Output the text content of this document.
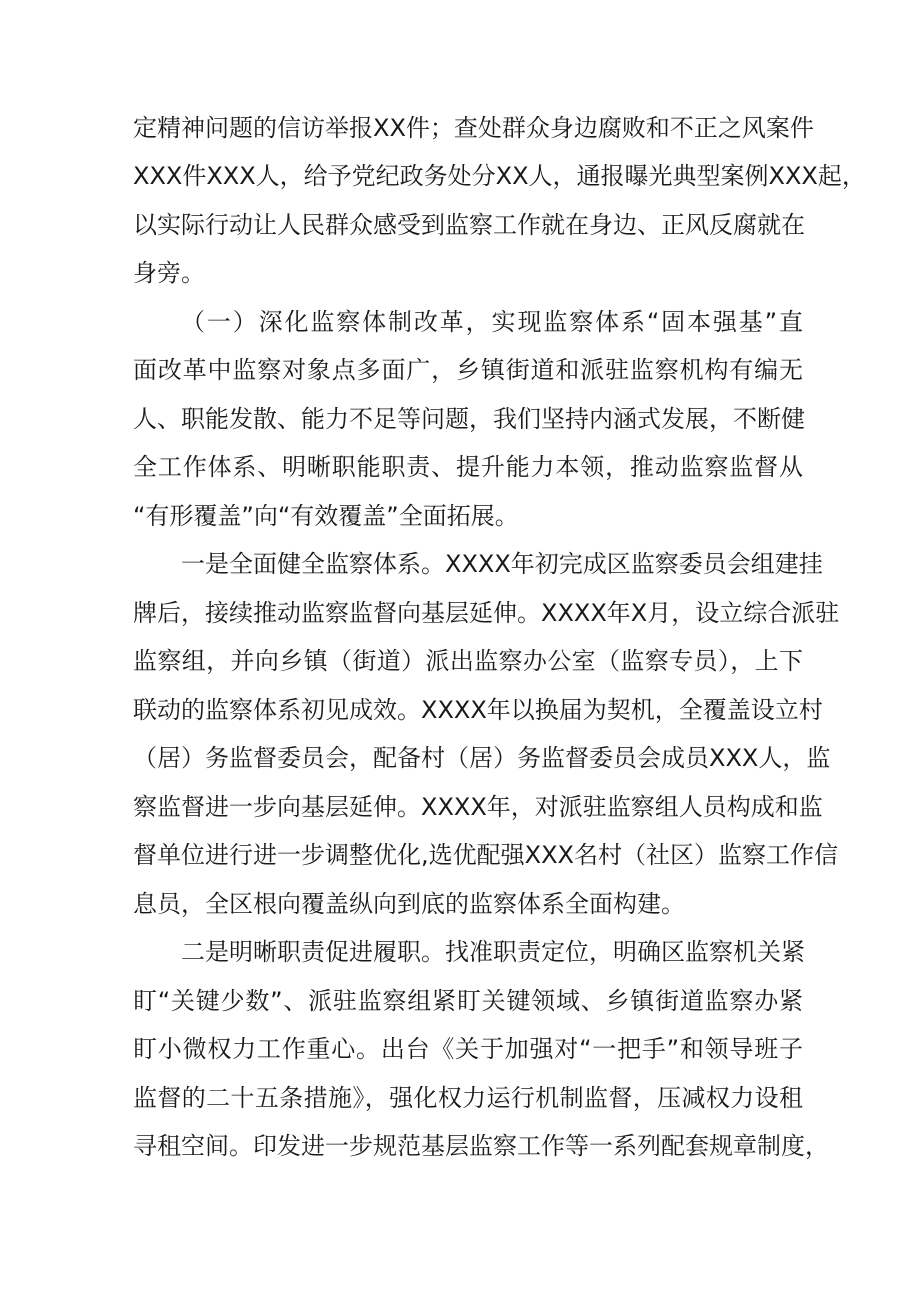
定精神问题的信访举报XX件；查处群众身边腐败和不正之风案件
XXX件XXX人，给予党纪政务处分XX人，通报曝光典型案例XXX起，
以实际行动让人民群众感受到监察工作就在身边、正风反腐就在
身旁。
（一）深化监察体制改革，实现监察体系“固本强基”直
面改革中监察对象点多面广，乡镇街道和派驻监察机构有编无
人、职能发散、能力不足等问题，我们坚持内涵式发展，不断健
全工作体系、明晰职能职责、提升能力本领，推动监察监督从
“有形覆盖”向“有效覆盖”全面拓展。
一是全面健全监察体系。XXXX年初完成区监察委员会组建挂
牌后，接续推动监察监督向基层延伸。XXXX年X月，设立综合派驻
监察组，并向乡镇（街道）派出监察办公室（监察专员），上下
联动的监察体系初见成效。XXXX年以换届为契机，全覆盖设立村
（居）务监督委员会，配备村（居）务监督委员会成员XXX人，监
察监督进一步向基层延伸。XXXX年，对派驻监察组人员构成和监
督单位进行进一步调整优化,选优配强XXX名村（社区）监察工作信
息员，全区根向覆盖纵向到底的监察体系全面构建。
二是明晰职责促进履职。找准职责定位，明确区监察机关紧
盯“关键少数”、派驻监察组紧盯关键领域、乡镇街道监察办紧
盯小微权力工作重心。出台《关于加强对“一把手”和领导班子
监督的二十五条措施》，强化权力运行机制监督，压减权力设租
寻租空间。印发进一步规范基层监察工作等一系列配套规章制度，
